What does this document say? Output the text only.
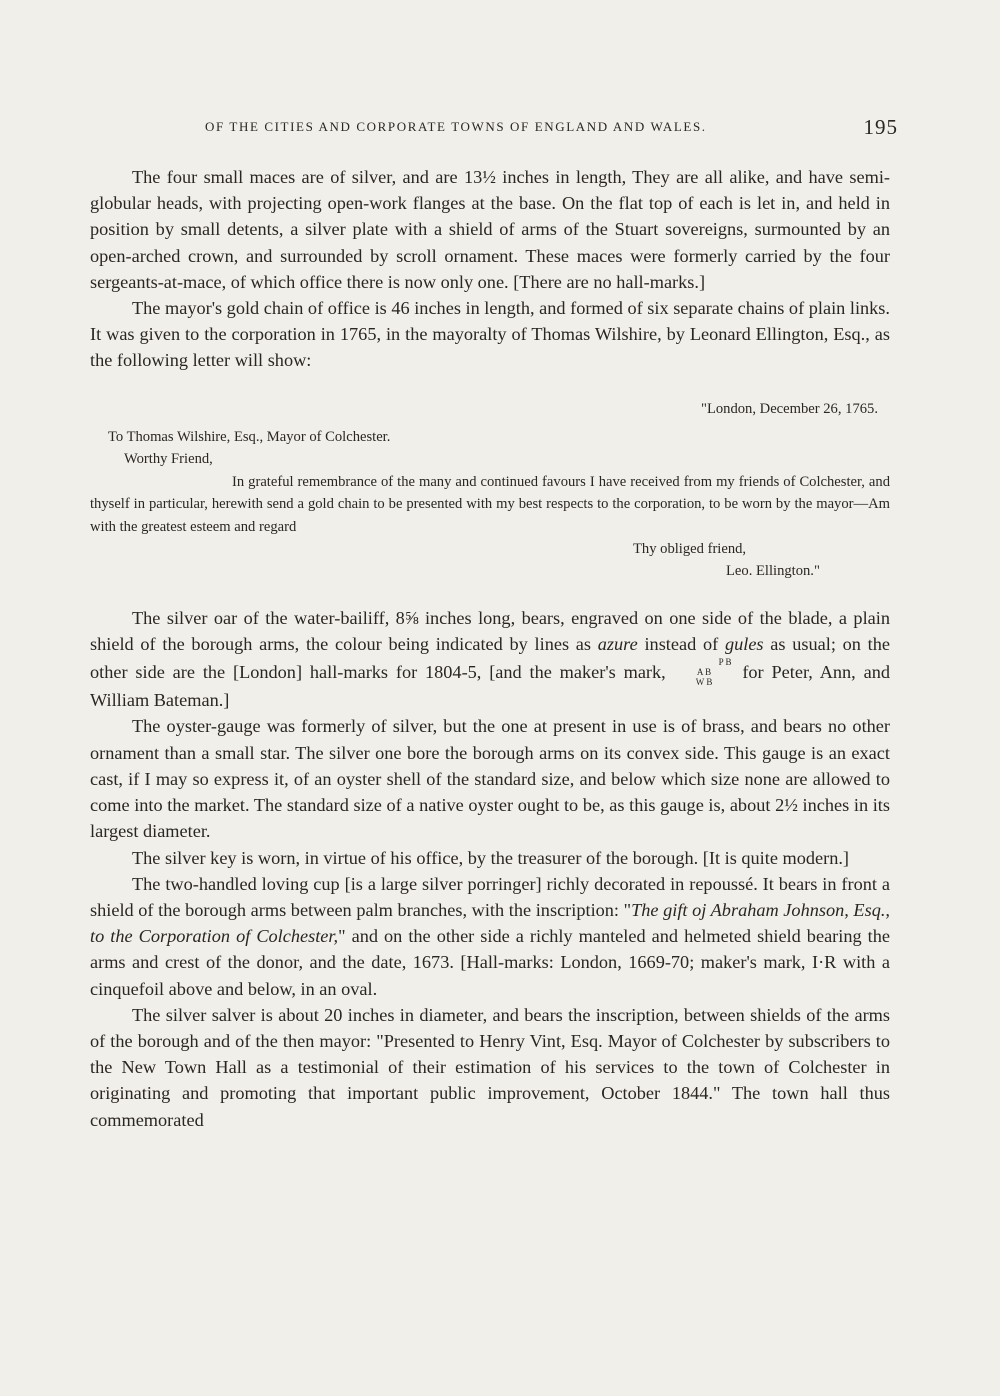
OF THE CITIES AND CORPORATE TOWNS OF ENGLAND AND WALES.	195

The four small maces are of silver, and are 13½ inches in length, They are all alike, and have semi-globular heads, with projecting open-work flanges at the base. On the flat top of each is let in, and held in position by small detents, a silver plate with a shield of arms of the Stuart sovereigns, surmounted by an open-arched crown, and surrounded by scroll ornament. These maces were formerly carried by the four sergeants-at-mace, of which office there is now only one. [There are no hall-marks.]

The mayor's gold chain of office is 46 inches in length, and formed of six separate chains of plain links. It was given to the corporation in 1765, in the mayoralty of Thomas Wilshire, by Leonard Ellington, Esq., as the following letter will show:

"London, December 26, 1765.
To Thomas Wilshire, Esq., Mayor of Colchester.
Worthy Friend,

In grateful remembrance of the many and continued favours I have received from my friends of Colchester, and thyself in particular, herewith send a gold chain to be presented with my best respects to the corporation, to be worn by the mayor—Am with the greatest esteem and regard

Thy obliged friend,
Leo. Ellington."

The silver oar of the water-bailiff, 8⅝ inches long, bears, engraved on one side of the blade, a plain shield of the borough arms, the colour being indicated by lines as azure instead of gules as usual; on the other side are the [London] hall-marks for 1804-5, [and the maker's mark,	P B
A B
W B for Peter, Ann, and William Bateman.]

The oyster-gauge was formerly of silver, but the one at present in use is of brass, and bears no other ornament than a small star. The silver one bore the borough arms on its convex side. This gauge is an exact cast, if I may so express it, of an oyster shell of the standard size, and below which size none are allowed to come into the market. The standard size of a native oyster ought to be, as this gauge is, about 2½ inches in its largest diameter.

The silver key is worn, in virtue of his office, by the treasurer of the borough. [It is quite modern.]

The two-handled loving cup [is a large silver porringer] richly decorated in repoussé. It bears in front a shield of the borough arms between palm branches, with the inscription: "The gift oj Abraham Johnson, Esq., to the Corporation of Colchester," and on the other side a richly manteled and helmeted shield bearing the arms and crest of the donor, and the date, 1673. [Hall-marks: London, 1669-70; maker's mark, I·R with a cinquefoil above and below, in an oval.

The silver salver is about 20 inches in diameter, and bears the inscription, between shields of the arms of the borough and of the then mayor: "Presented to Henry Vint, Esq. Mayor of Colchester by subscribers to the New Town Hall as a testimonial of their estimation of his services to the town of Colchester in originating and promoting that important public improvement, October 1844." The town hall thus commemorated
